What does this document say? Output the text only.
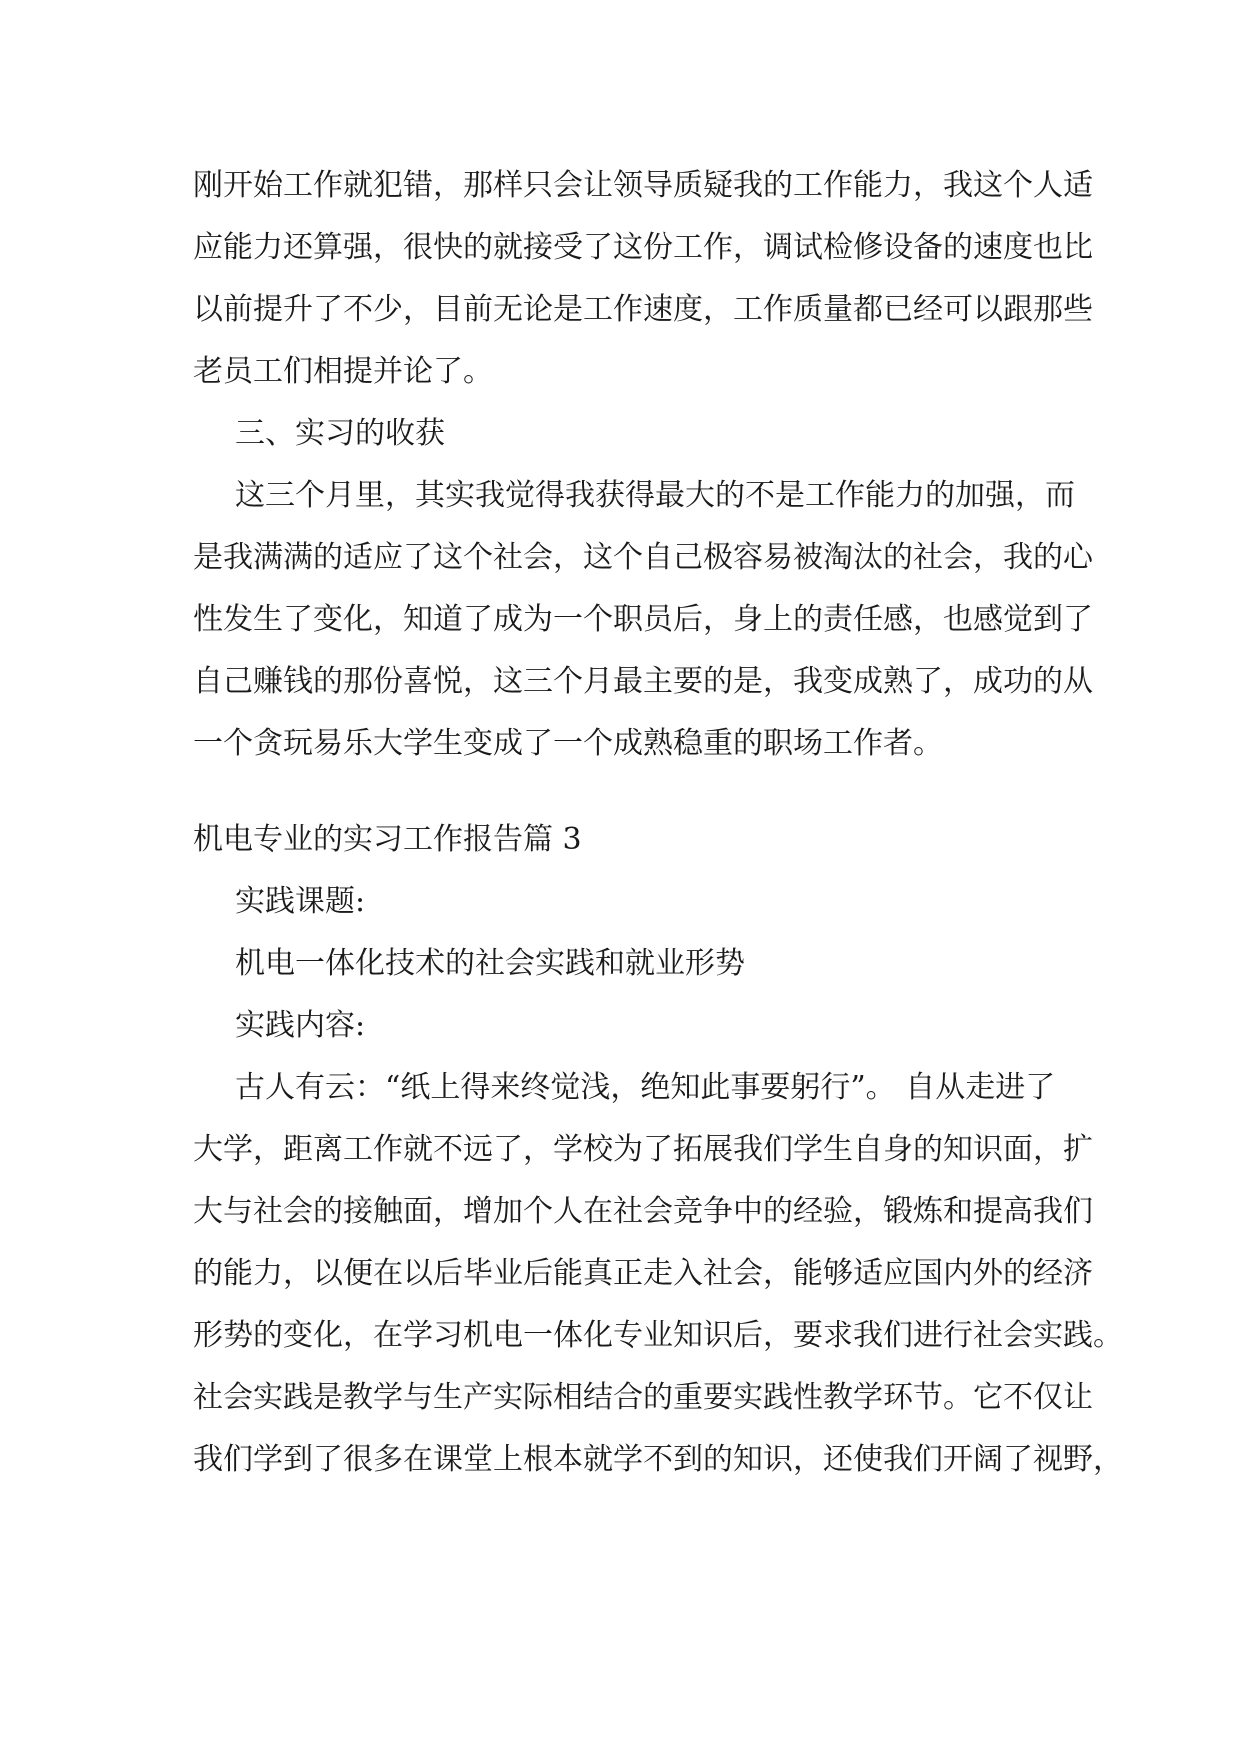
刚开始工作就犯错，那样只会让领导质疑我的工作能力，我这个人适
应能力还算强，很快的就接受了这份工作，调试检修设备的速度也比
以前提升了不少，目前无论是工作速度，工作质量都已经可以跟那些
老员工们相提并论了。
三、实习的收获
这三个月里，其实我觉得我获得最大的不是工作能力的加强，而
是我满满的适应了这个社会，这个自己极容易被淘汰的社会，我的心
性发生了变化，知道了成为一个职员后，身上的责任感，也感觉到了
自己赚钱的那份喜悦，这三个月最主要的是，我变成熟了，成功的从
一个贪玩易乐大学生变成了一个成熟稳重的职场工作者。
机电专业的实习工作报告篇 3
实践课题:
机电一体化技术的社会实践和就业形势
实践内容:
古人有云：“纸上得来终觉浅，绝知此事要躬行”。 自从走进了
大学，距离工作就不远了，学校为了拓展我们学生自身的知识面，扩
大与社会的接触面，增加个人在社会竞争中的经验，锻炼和提高我们
的能力，以便在以后毕业后能真正走入社会，能够适应国内外的经济
形势的变化，在学习机电一体化专业知识后，要求我们进行社会实践。
社会实践是教学与生产实际相结合的重要实践性教学环节。它不仅让
我们学到了很多在课堂上根本就学不到的知识，还使我们开阔了视野，
